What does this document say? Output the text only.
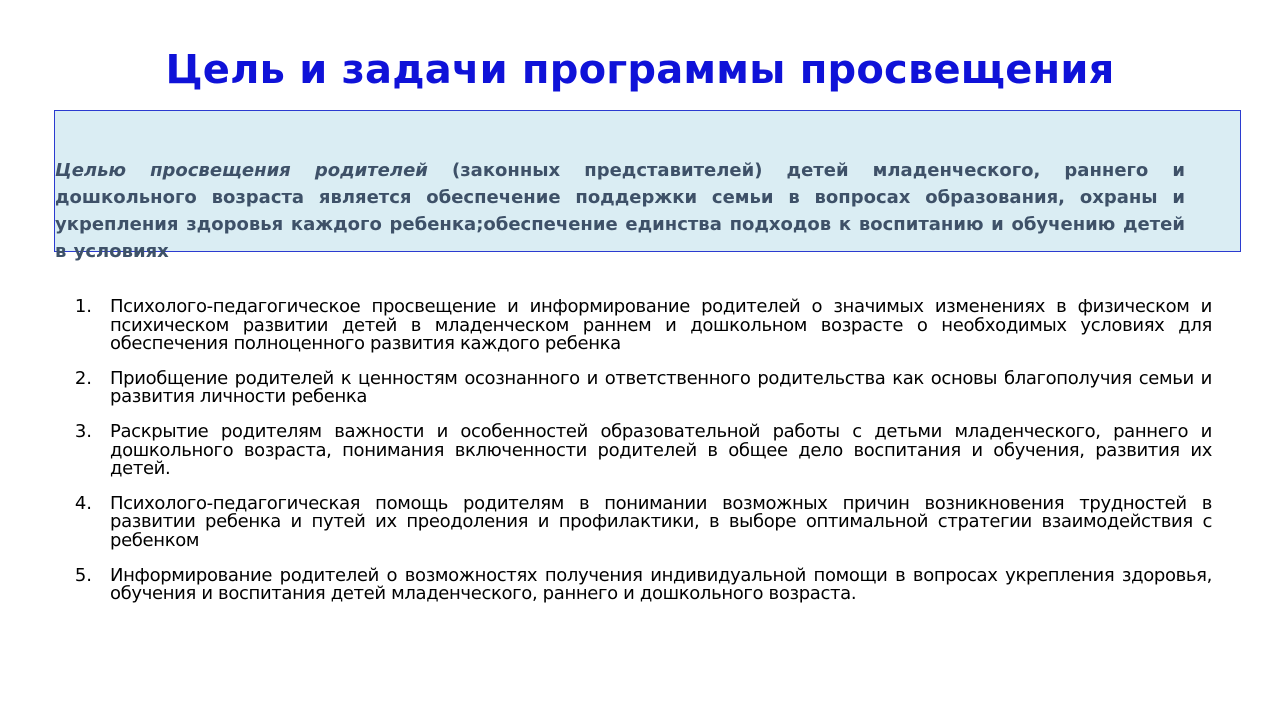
Цель и задачи программы просвещения

Целью просвещения родителей (законных представителей) детей младенческого, раннего и дошкольного возраста является обеспечение поддержки семьи в вопросах образования, охраны и укрепления здоровья каждого ребенка;обеспечение единства подходов к воспитанию и обучению детей в условиях

1. Психолого-педагогическое просвещение и информирование родителей о значимых изменениях в физическом и психическом развитии детей в младенческом раннем и дошкольном возрасте о необходимых условиях для обеспечения полноценного развития каждого ребенка
2. Приобщение родителей к ценностям осознанного и ответственного родительства как основы благополучия семьи и развития личности ребенка
3. Раскрытие родителям важности и особенностей образовательной работы с детьми младенческого, раннего и дошкольного возраста, понимания включенности родителей в общее дело воспитания и обучения, развития их детей.
4. Психолого-педагогическая помощь родителям в понимании возможных причин возникновения трудностей в развитии ребенка и путей их преодоления и профилактики, в выборе оптимальной стратегии взаимодействия с ребенком
5. Информирование родителей о возможностях получения индивидуальной помощи в вопросах укрепления здоровья, обучения и воспитания детей младенческого, раннего и дошкольного возраста.
